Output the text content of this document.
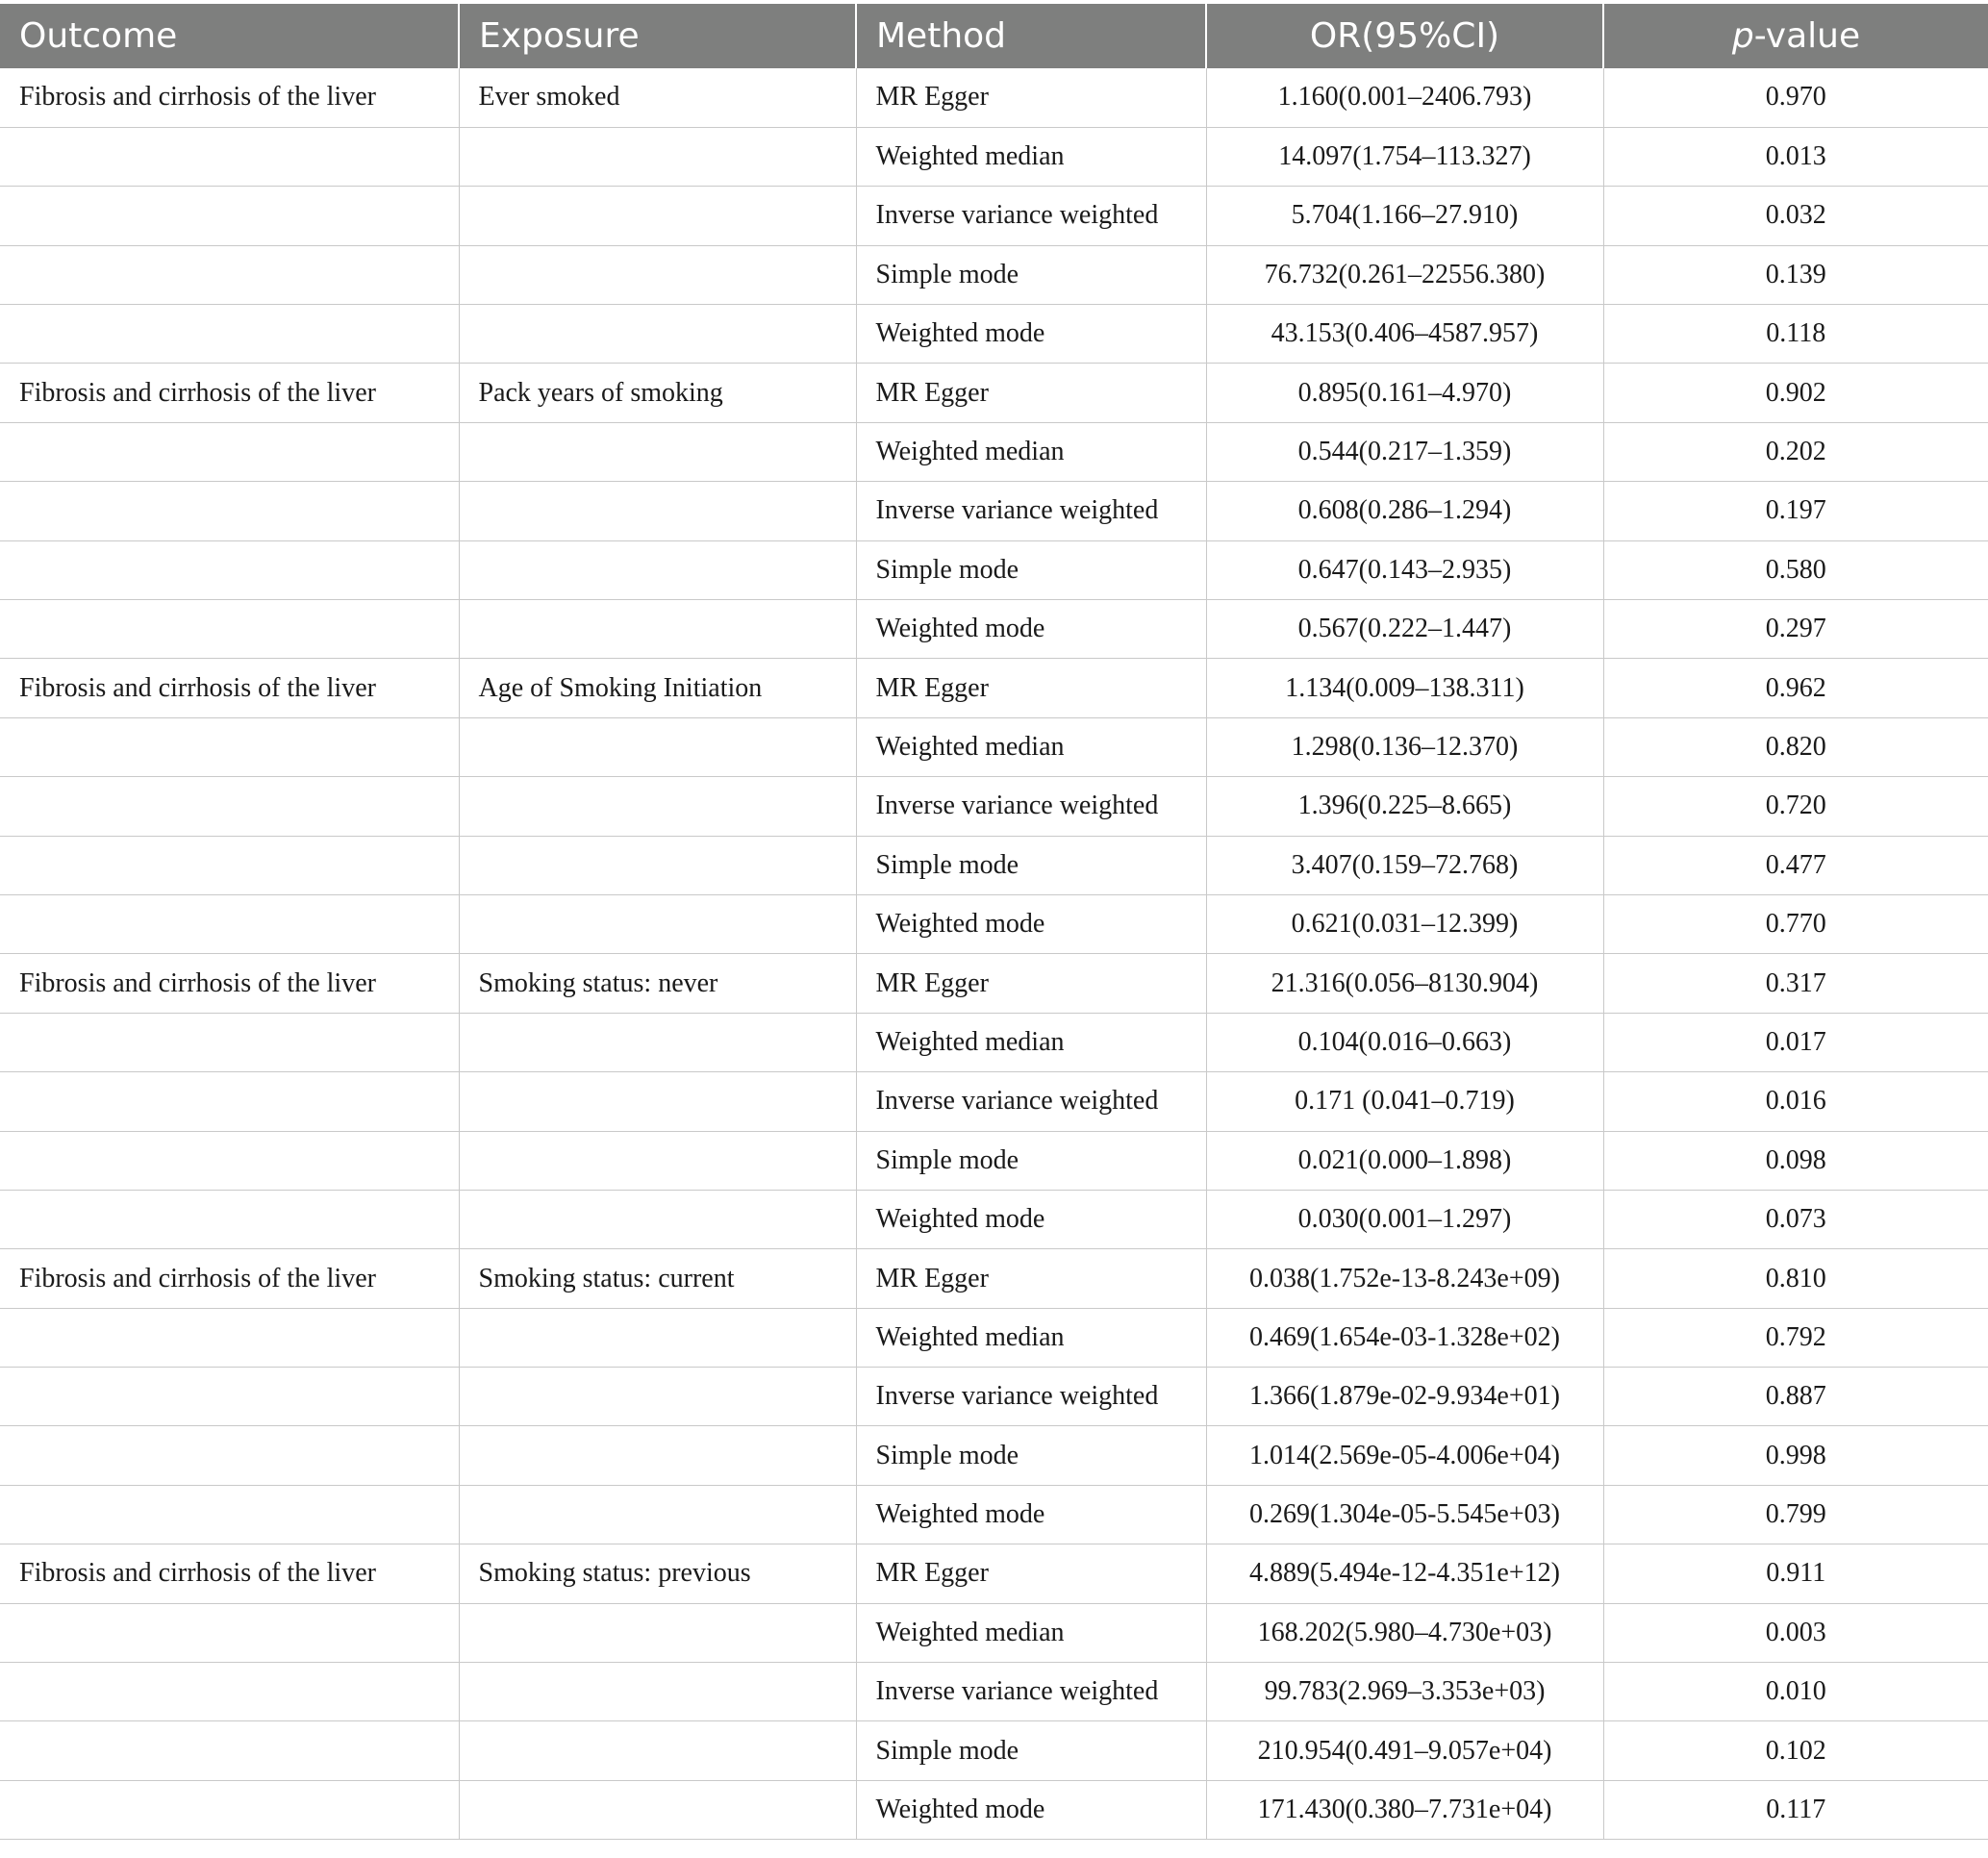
Outcome	Exposure	Method	OR(95%CI)	p-value
Fibrosis and cirrhosis of the liver	Ever smoked	MR Egger	1.160(0.001–2406.793)	0.970
		Weighted median	14.097(1.754–113.327)	0.013
		Inverse variance weighted	5.704(1.166–27.910)	0.032
		Simple mode	76.732(0.261–22556.380)	0.139
		Weighted mode	43.153(0.406–4587.957)	0.118
Fibrosis and cirrhosis of the liver	Pack years of smoking	MR Egger	0.895(0.161–4.970)	0.902
		Weighted median	0.544(0.217–1.359)	0.202
		Inverse variance weighted	0.608(0.286–1.294)	0.197
		Simple mode	0.647(0.143–2.935)	0.580
		Weighted mode	0.567(0.222–1.447)	0.297
Fibrosis and cirrhosis of the liver	Age of Smoking Initiation	MR Egger	1.134(0.009–138.311)	0.962
		Weighted median	1.298(0.136–12.370)	0.820
		Inverse variance weighted	1.396(0.225–8.665)	0.720
		Simple mode	3.407(0.159–72.768)	0.477
		Weighted mode	0.621(0.031–12.399)	0.770
Fibrosis and cirrhosis of the liver	Smoking status: never	MR Egger	21.316(0.056–8130.904)	0.317
		Weighted median	0.104(0.016–0.663)	0.017
		Inverse variance weighted	0.171 (0.041–0.719)	0.016
		Simple mode	0.021(0.000–1.898)	0.098
		Weighted mode	0.030(0.001–1.297)	0.073
Fibrosis and cirrhosis of the liver	Smoking status: current	MR Egger	0.038(1.752e-13-8.243e+09)	0.810
		Weighted median	0.469(1.654e-03-1.328e+02)	0.792
		Inverse variance weighted	1.366(1.879e-02-9.934e+01)	0.887
		Simple mode	1.014(2.569e-05-4.006e+04)	0.998
		Weighted mode	0.269(1.304e-05-5.545e+03)	0.799
Fibrosis and cirrhosis of the liver	Smoking status: previous	MR Egger	4.889(5.494e-12-4.351e+12)	0.911
		Weighted median	168.202(5.980–4.730e+03)	0.003
		Inverse variance weighted	99.783(2.969–3.353e+03)	0.010
		Simple mode	210.954(0.491–9.057e+04)	0.102
		Weighted mode	171.430(0.380–7.731e+04)	0.117
